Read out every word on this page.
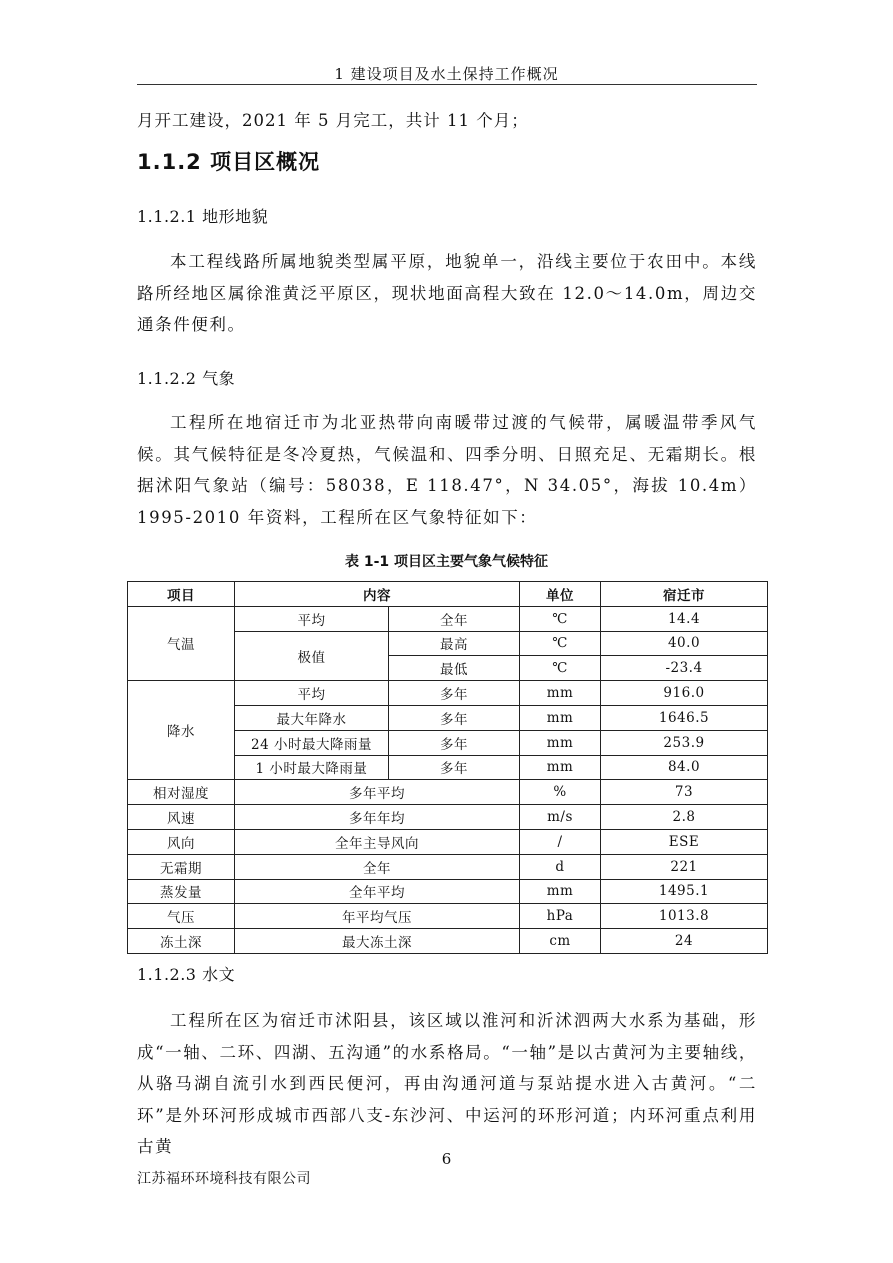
1 建设项目及水土保持工作概况
月开工建设，2021 年 5 月完工，共计 11 个月；
1.1.2 项目区概况
1.1.2.1 地形地貌
本工程线路所属地貌类型属平原，地貌单一，沿线主要位于农田中。本线路所经地区属徐淮黄泛平原区，现状地面高程大致在 12.0～14.0m，周边交通条件便利。
1.1.2.2 气象
工程所在地宿迁市为北亚热带向南暖带过渡的气候带，属暖温带季风气候。其气候特征是冬冷夏热，气候温和、四季分明、日照充足、无霜期长。根据沭阳气象站（编号：58038，E 118.47°，N 34.05°，海拔 10.4m）1995-2010 年资料，工程所在区气象特征如下：
表 1-1 项目区主要气象气候特征
项目	内容		单位	宿迁市
气温	平均	全年	℃	14.4
	极值	最高	℃	40.0
		最低	℃	-23.4
降水	平均	多年	mm	916.0
	最大年降水	多年	mm	1646.5
	24 小时最大降雨量	多年	mm	253.9
	1 小时最大降雨量	多年	mm	84.0
相对湿度	多年平均		%	73
风速	多年年均		m/s	2.8
风向	全年主导风向		/	ESE
无霜期	全年		d	221
蒸发量	全年平均		mm	1495.1
气压	年平均气压		hPa	1013.8
冻土深	最大冻土深		cm	24
1.1.2.3 水文
工程所在区为宿迁市沭阳县，该区域以淮河和沂沭泗两大水系为基础，形成“一轴、二环、四湖、五沟通”的水系格局。“一轴”是以古黄河为主要轴线，从骆马湖自流引水到西民便河，再由沟通河道与泵站提水进入古黄河。“二环”是外环河形成城市西部八支-东沙河、中运河的环形河道；内环河重点利用古黄
6
江苏福环环境科技有限公司
